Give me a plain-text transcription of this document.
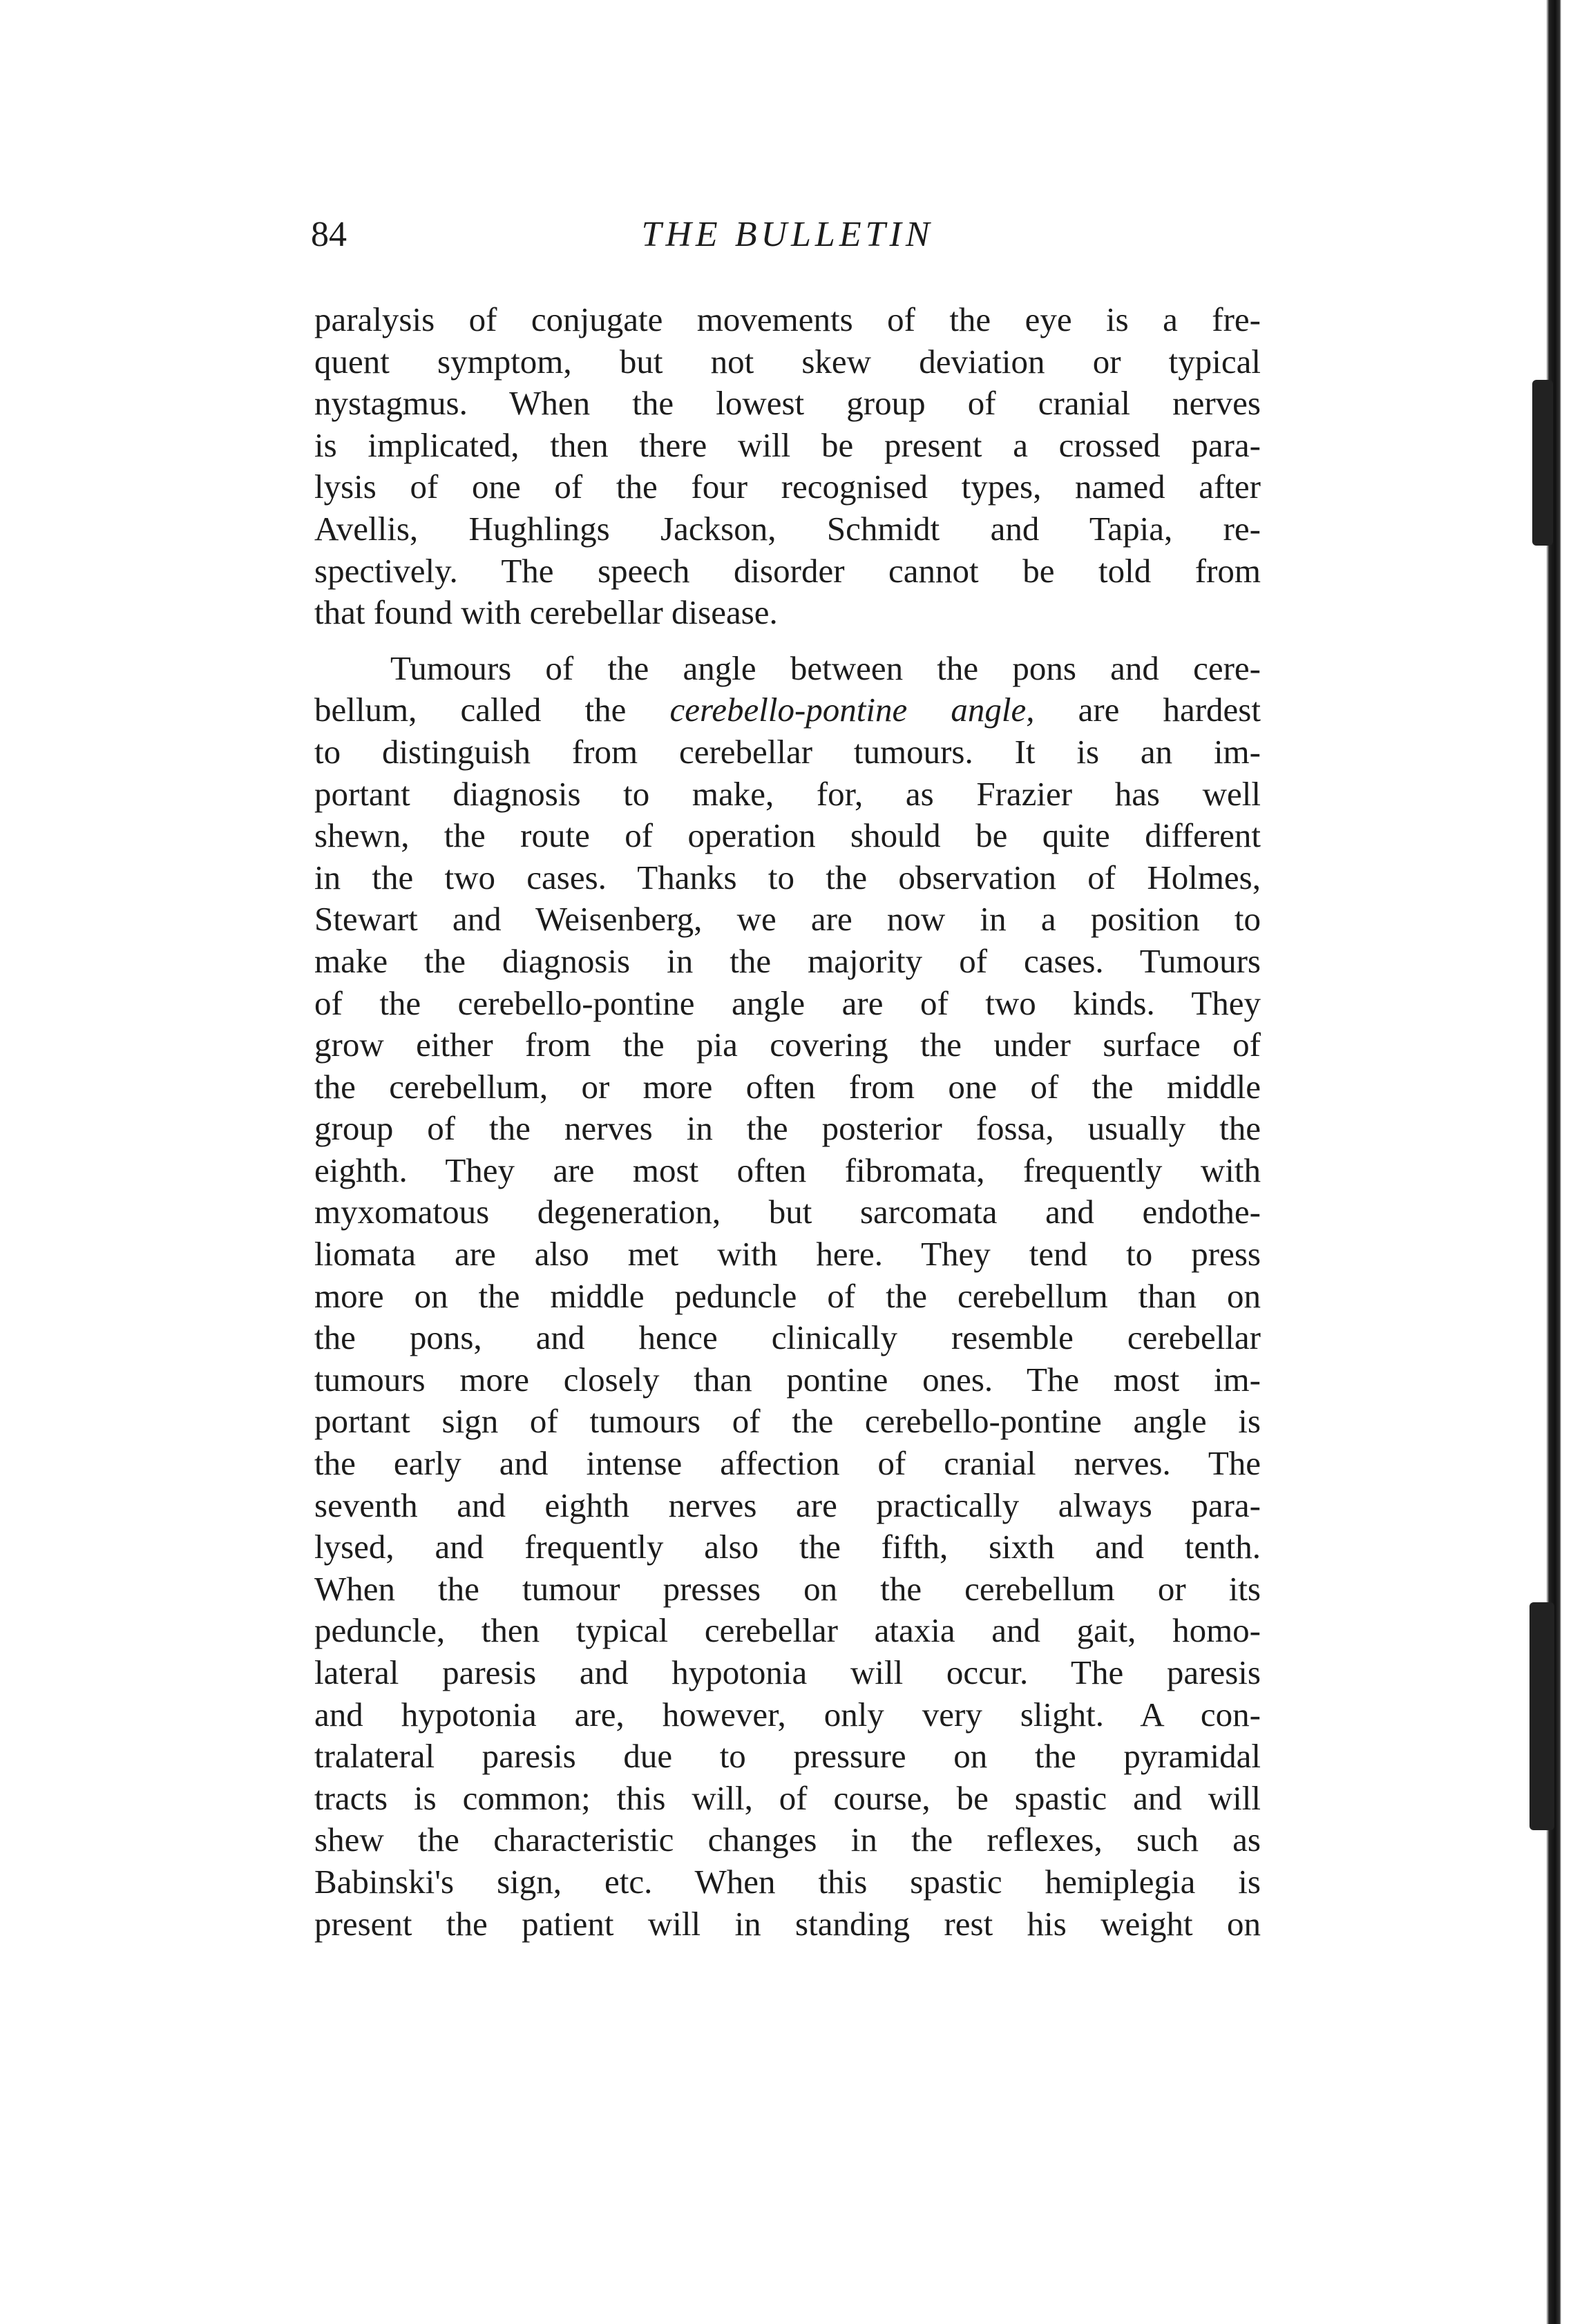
84	THE BULLETIN
paralysis of conjugate movements of the eye is a fre-
quent symptom, but not skew deviation or typical
nystagmus. When the lowest group of cranial nerves
is implicated, then there will be present a crossed para-
lysis of one of the four recognised types, named after
Avellis, Hughlings Jackson, Schmidt and Tapia, re-
spectively. The speech disorder cannot be told from
that found with cerebellar disease.
Tumours of the angle between the pons and cere-
bellum, called the cerebello-pontine angle, are hardest
to distinguish from cerebellar tumours. It is an im-
portant diagnosis to make, for, as Frazier has well
shewn, the route of operation should be quite different
in the two cases. Thanks to the observation of Holmes,
Stewart and Weisenberg, we are now in a position to
make the diagnosis in the majority of cases. Tumours
of the cerebello-pontine angle are of two kinds. They
grow either from the pia covering the under surface of
the cerebellum, or more often from one of the middle
group of the nerves in the posterior fossa, usually the
eighth. They are most often fibromata, frequently with
myxomatous degeneration, but sarcomata and endothe-
liomata are also met with here. They tend to press
more on the middle peduncle of the cerebellum than on
the pons, and hence clinically resemble cerebellar
tumours more closely than pontine ones. The most im-
portant sign of tumours of the cerebello-pontine angle is
the early and intense affection of cranial nerves. The
seventh and eighth nerves are practically always para-
lysed, and frequently also the fifth, sixth and tenth.
When the tumour presses on the cerebellum or its
peduncle, then typical cerebellar ataxia and gait, homo-
lateral paresis and hypotonia will occur. The paresis
and hypotonia are, however, only very slight. A con-
tralateral paresis due to pressure on the pyramidal
tracts is common; this will, of course, be spastic and will
shew the characteristic changes in the reflexes, such as
Babinski's sign, etc. When this spastic hemiplegia is
present the patient will in standing rest his weight on
